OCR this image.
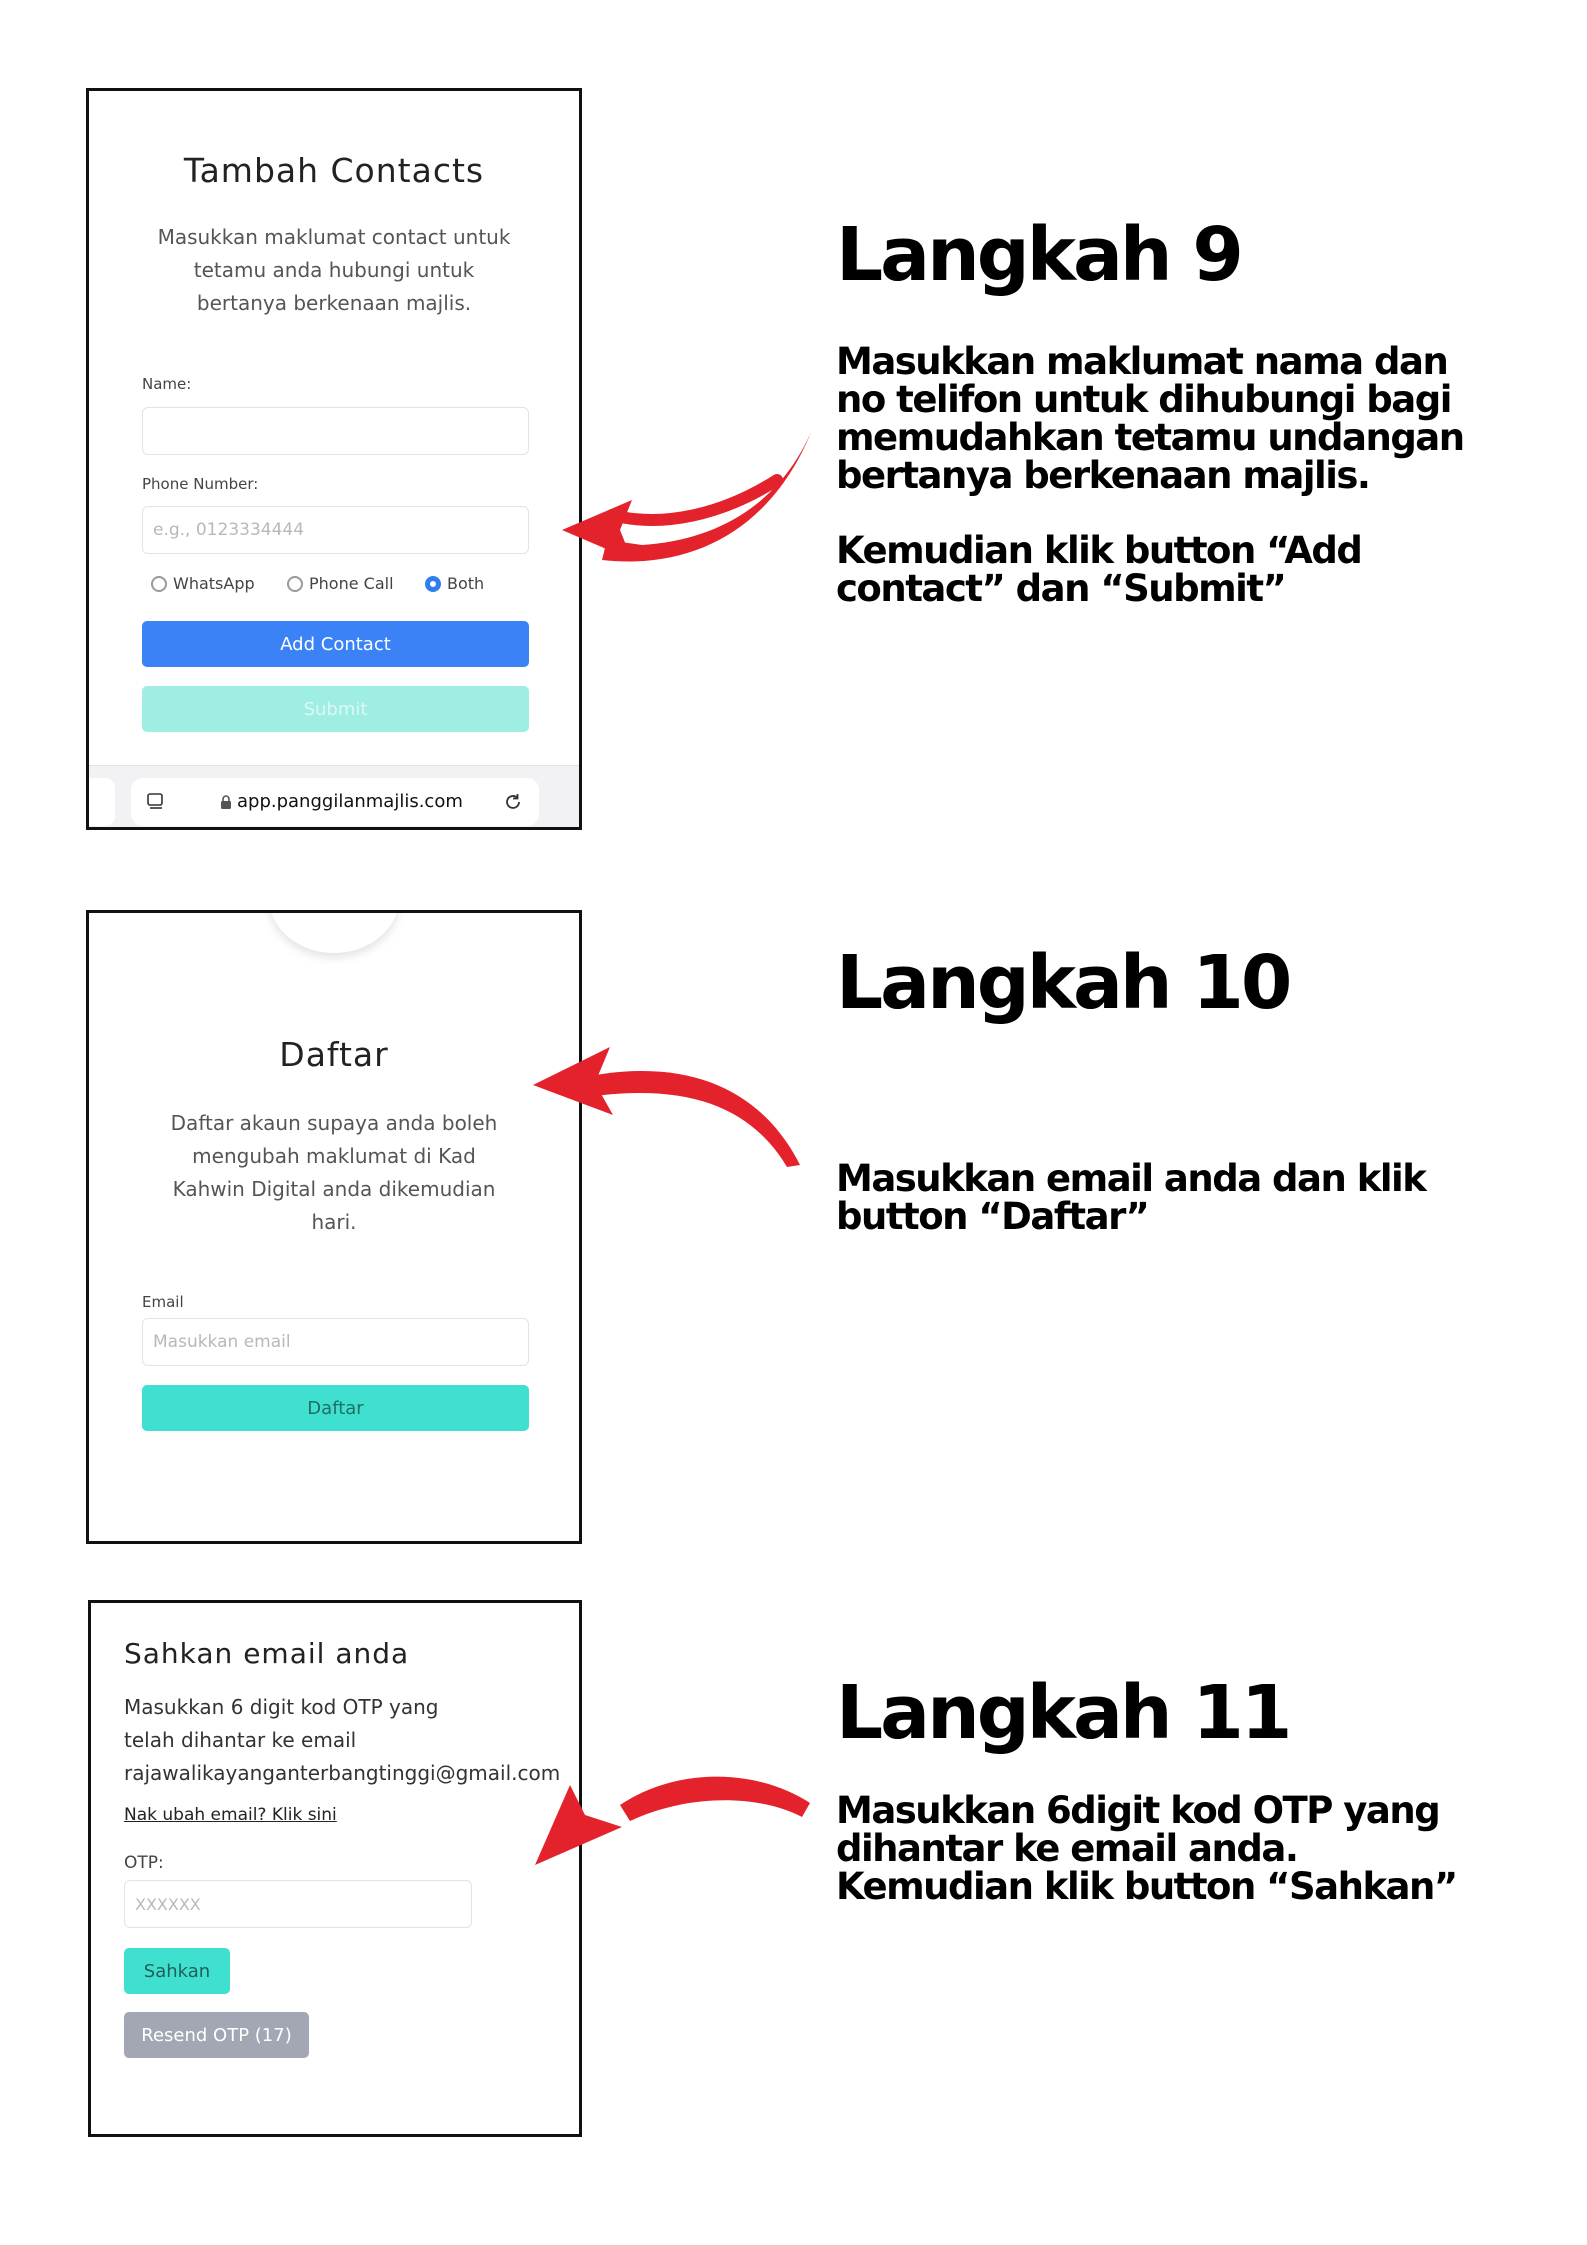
Tambah Contacts
Masukkan maklumat contact untuk
tetamu anda hubungi untuk
bertanya berkenaan majlis.
Name:
Phone Number:
e.g., 0123334444
WhatsApp	Phone Call	Both
Add Contact
Submit
app.panggilanmajlis.com
Langkah 9
Masukkan maklumat nama dan
no telifon untuk dihubungi bagi
memudahkan tetamu undangan
bertanya berkenaan majlis.
Kemudian klik button “Add
contact” dan “Submit”
Daftar
Daftar akaun supaya anda boleh
mengubah maklumat di Kad
Kahwin Digital anda dikemudian
hari.
Email
Masukkan email
Daftar
Langkah 10
Masukkan email anda dan klik
button “Daftar”
Sahkan email anda
Masukkan 6 digit kod OTP yang
telah dihantar ke email
rajawalikayanganterbangtinggi@gmail.com
Nak ubah email? Klik sini
OTP:
XXXXXX
Sahkan
Resend OTP (17)
Langkah 11
Masukkan 6digit kod OTP yang
dihantar ke email anda.
Kemudian klik button “Sahkan”
